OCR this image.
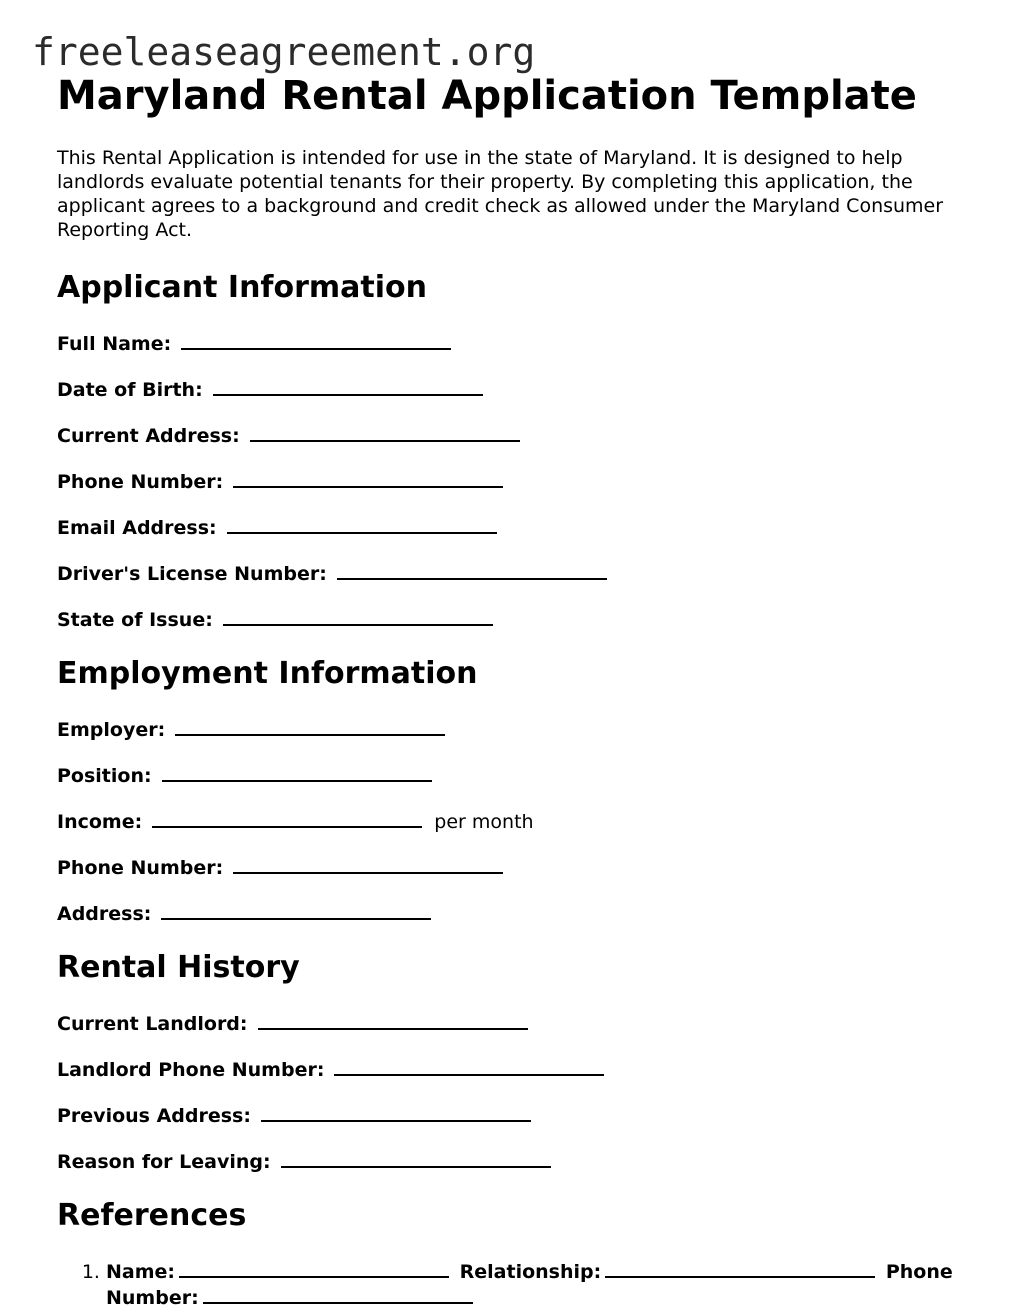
freeleaseagreement.org
Maryland Rental Application Template

This Rental Application is intended for use in the state of Maryland. It is designed to help landlords evaluate potential tenants for their property. By completing this application, the applicant agrees to a background and credit check as allowed under the Maryland Consumer Reporting Act.

Applicant Information
Full Name:
Date of Birth:
Current Address:
Phone Number:
Email Address:
Driver's License Number:
State of Issue:
Employment Information
Employer:
Position:
Income:	per month
Phone Number:
Address:
Rental History
Current Landlord:
Landlord Phone Number:
Previous Address:
Reason for Leaving:
References
1. Name:	Relationship:	Phone Number:
